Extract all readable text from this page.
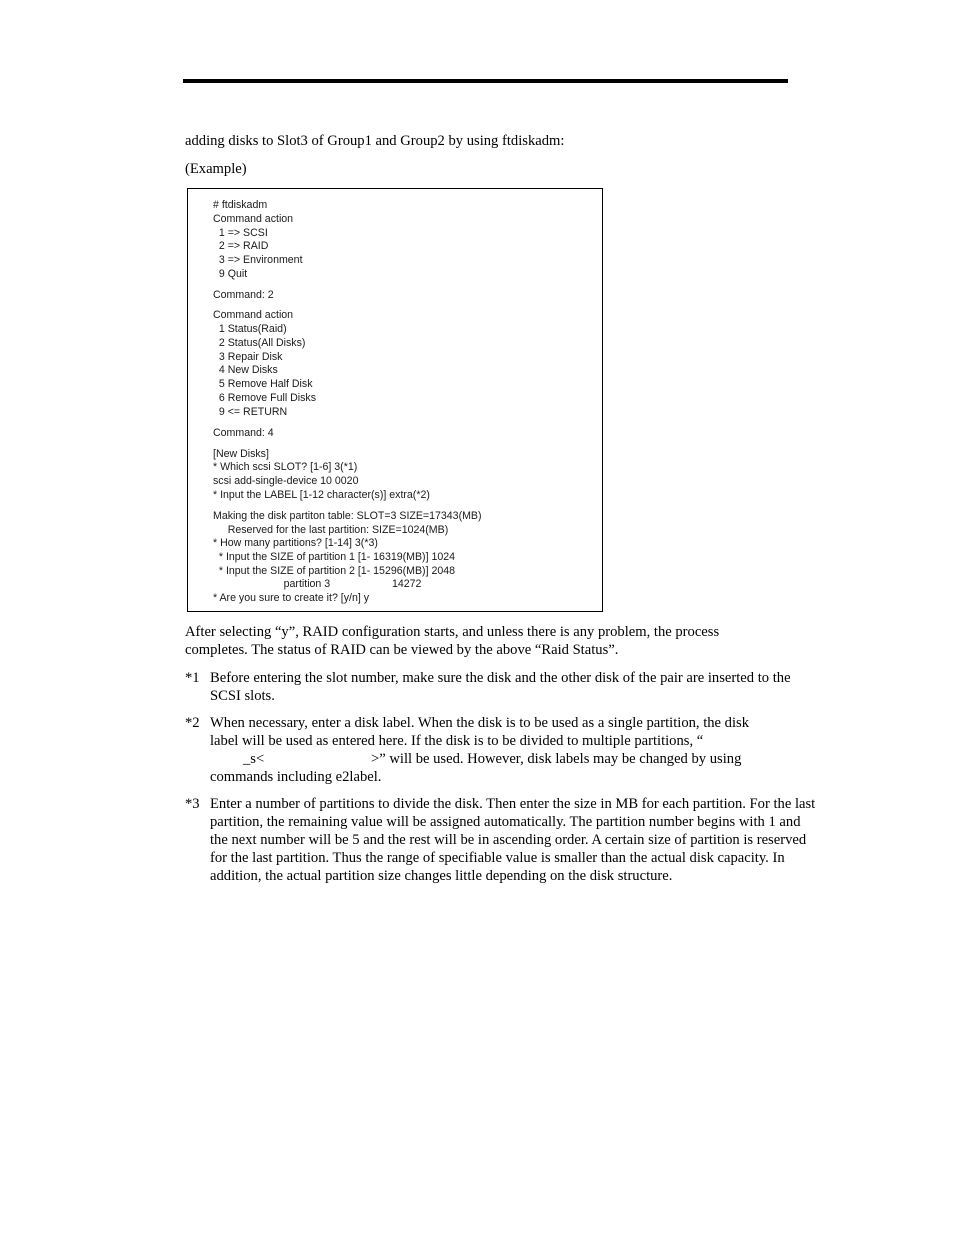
adding disks to Slot3 of Group1 and Group2 by using ftdiskadm:

(Example)

# ftdiskadm
Command action
1 => SCSI
2 => RAID
3 => Environment
9 Quit
Command: 2
Command action
1 Status(Raid)
2 Status(All Disks)
3 Repair Disk
4 New Disks
5 Remove Half Disk
6 Remove Full Disks
9 <= RETURN
Command: 4
[New Disks]
* Which scsi SLOT? [1-6] 3(*1)
scsi add-single-device 10 0020
* Input the LABEL [1-12 character(s)] extra(*2)
Making the disk partiton table: SLOT=3 SIZE=17343(MB)
Reserved for the last partition: SIZE=1024(MB)
* How many partitions? [1-14] 3(*3)
* Input the SIZE of partition 1 [1- 16319(MB)] 1024
* Input the SIZE of partition 2 [1- 15296(MB)] 2048
partition 3                     14272
* Are you sure to create it? [y/n] y

After selecting “y”, RAID configuration starts, and unless there is any problem, the process completes. The status of RAID can be viewed by the above “Raid Status”.

*1 Before entering the slot number, make sure the disk and the other disk of the pair are inserted to the SCSI slots.
*2 When necessary, enter a disk label. When the disk is to be used as a single partition, the disk
label will be used as entered here. If the disk is to be divided to multiple partitions, “
_s<	>” will be used. However, disk labels may be changed by using
commands including e2label.
*3 Enter a number of partitions to divide the disk. Then enter the size in MB for each partition. For the last partition, the remaining value will be assigned automatically. The partition number begins with 1 and the next number will be 5 and the rest will be in ascending order. A certain size of partition is reserved for the last partition. Thus the range of specifiable value is smaller than the actual disk capacity. In addition, the actual partition size changes little depending on the disk structure.
